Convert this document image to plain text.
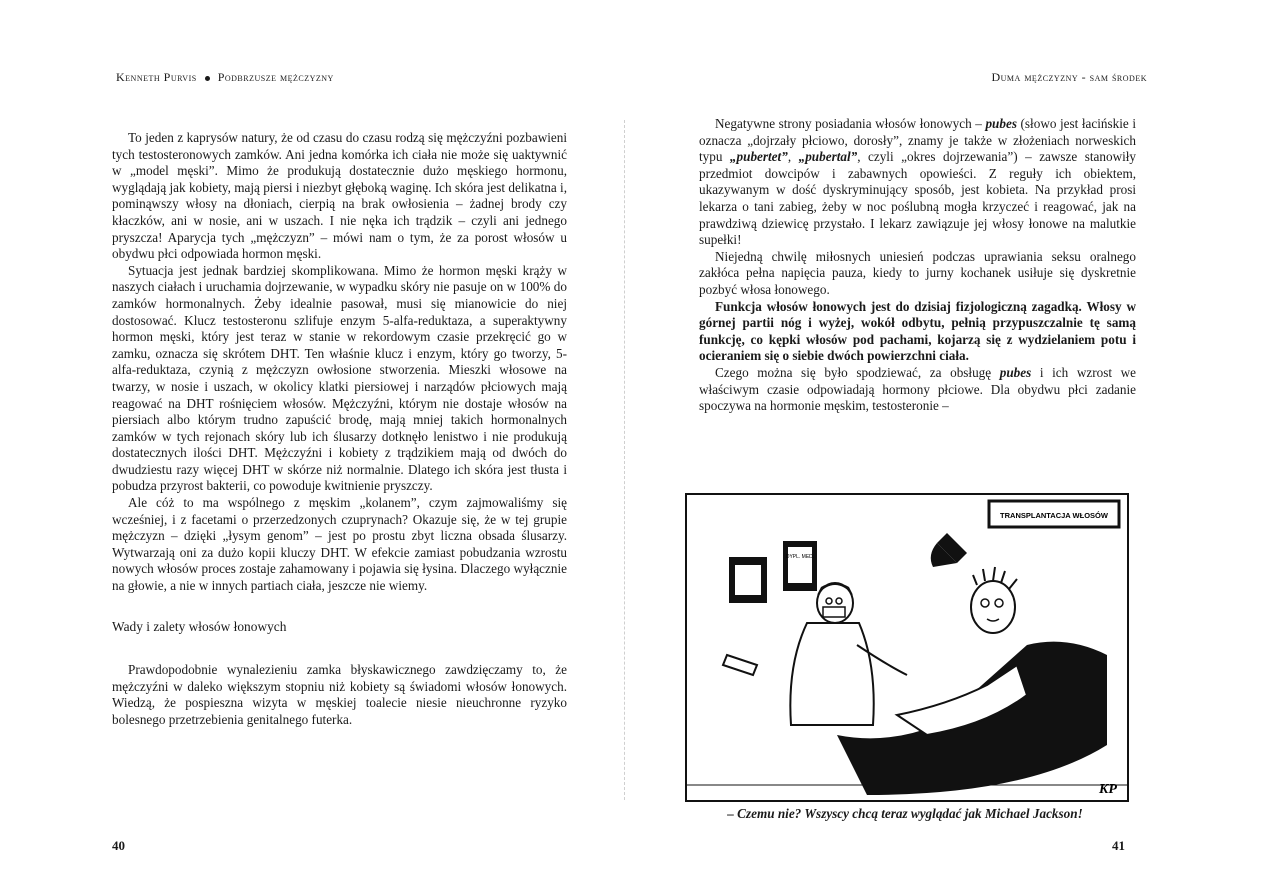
Kenneth Purvis Podbrzusze mężczyzny

To jeden z kaprysów natury, że od czasu do czasu rodzą się mężczyźni pozbawieni tych testosteronowych zamków. Ani jedna komórka ich ciała nie może się uaktywnić w „model męski”. Mimo że produkują dostatecznie dużo męskiego hormonu, wyglądają jak kobiety, mają piersi i niezbyt głęboką waginę. Ich skóra jest delikatna i, pominąwszy włosy na dłoniach, cierpią na brak owłosienia – żadnej brody czy kłaczków, ani w nosie, ani w uszach. I nie nęka ich trądzik – czyli ani jednego pryszcza! Aparycja tych „mężczyzn” – mówi nam o tym, że za porost włosów u obydwu płci odpowiada hormon męski.

Sytuacja jest jednak bardziej skomplikowana. Mimo że hormon męski krąży w naszych ciałach i uruchamia dojrzewanie, w wypadku skóry nie pasuje on w 100% do zamków hormonalnych. Żeby idealnie pasował, musi się mianowicie do niej dostosować. Klucz testosteronu szlifuje enzym 5-alfa-reduktaza, a superaktywny hormon męski, który jest teraz w stanie w rekordowym czasie przekręcić go w zamku, oznacza się skrótem DHT. Ten właśnie klucz i enzym, który go tworzy, 5-alfa-reduktaza, czynią z mężczyzn owłosione stworzenia. Mieszki włosowe na twarzy, w nosie i uszach, w okolicy klatki piersiowej i narządów płciowych mają reagować na DHT rośnięciem włosów. Mężczyźni, którym nie dostaje włosów na piersiach albo którym trudno zapuścić brodę, mają mniej takich hormonalnych zamków w tych rejonach skóry lub ich ślusarzy dotknęło lenistwo i nie produkują dostatecznych ilości DHT. Mężczyźni i kobiety z trądzikiem mają od dwóch do dwudziestu razy więcej DHT w skórze niż normalnie. Dlatego ich skóra jest tłusta i pobudza przyrost bakterii, co powoduje kwitnienie pryszczy.

Ale cóż to ma wspólnego z męskim „kolanem”, czym zajmowaliśmy się wcześniej, i z facetami o przerzedzonych czuprynach? Okazuje się, że w tej grupie mężczyzn – dzięki „łysym genom” – jest po prostu zbyt liczna obsada ślusarzy. Wytwarzają oni za dużo kopii kluczy DHT. W efekcie zamiast pobudzania wzrostu nowych włosów proces zostaje zahamowany i pojawia się łysina. Dlaczego wyłącznie na głowie, a nie w innych partiach ciała, jeszcze nie wiemy.

Wady i zalety włosów łonowych

Prawdopodobnie wynalezieniu zamka błyskawicznego zawdzięczamy to, że mężczyźni w daleko większym stopniu niż kobiety są świadomi włosów łonowych. Wiedzą, że pospieszna wizyta w męskiej toalecie niesie nieuchronne ryzyko bolesnego przetrzebienia genitalnego futerka.

40
Duma mężczyzny - sam środek

Negatywne strony posiadania włosów łonowych – pubes (słowo jest łacińskie i oznacza „dojrzały płciowo, dorosły”, znamy je także w złożeniach norweskich typu „pubertet”, „pubertal”, czyli „okres dojrzewania”) – zawsze stanowiły przedmiot dowcipów i zabawnych opowieści. Z reguły ich obiektem, ukazywanym w dość dyskryminujący sposób, jest kobieta. Na przykład prosi lekarza o tani zabieg, żeby w noc poślubną mogła krzyczeć i reagować, jak na prawdziwą dziewicę przystało. I lekarz zawiązuje jej włosy łonowe na malutkie supełki!

Niejedną chwilę miłosnych uniesień podczas uprawiania seksu oralnego zakłóca pełna napięcia pauza, kiedy to jurny kochanek usiłuje się dyskretnie pozbyć włosa łonowego.

Funkcja włosów łonowych jest do dzisiaj fizjologiczną zagadką. Włosy w górnej partii nóg i wyżej, wokół odbytu, pełnią przypuszczalnie tę samą funkcję, co kępki włosów pod pachami, kojarzą się z wydzielaniem potu i ocieraniem się o siebie dwóch powierzchni ciała.

Czego można się było spodziewać, za obsługę pubes i ich wzrost we właściwym czasie odpowiadają hormony płciowe. Dla obydwu płci zadanie spoczywa na hormonie męskim, testosteronie –

TRANSPLANTACJA WŁOSÓW
DYPL. MED.
KP
– Czemu nie? Wszyscy chcą teraz wyglądać jak Michael Jackson!
41
